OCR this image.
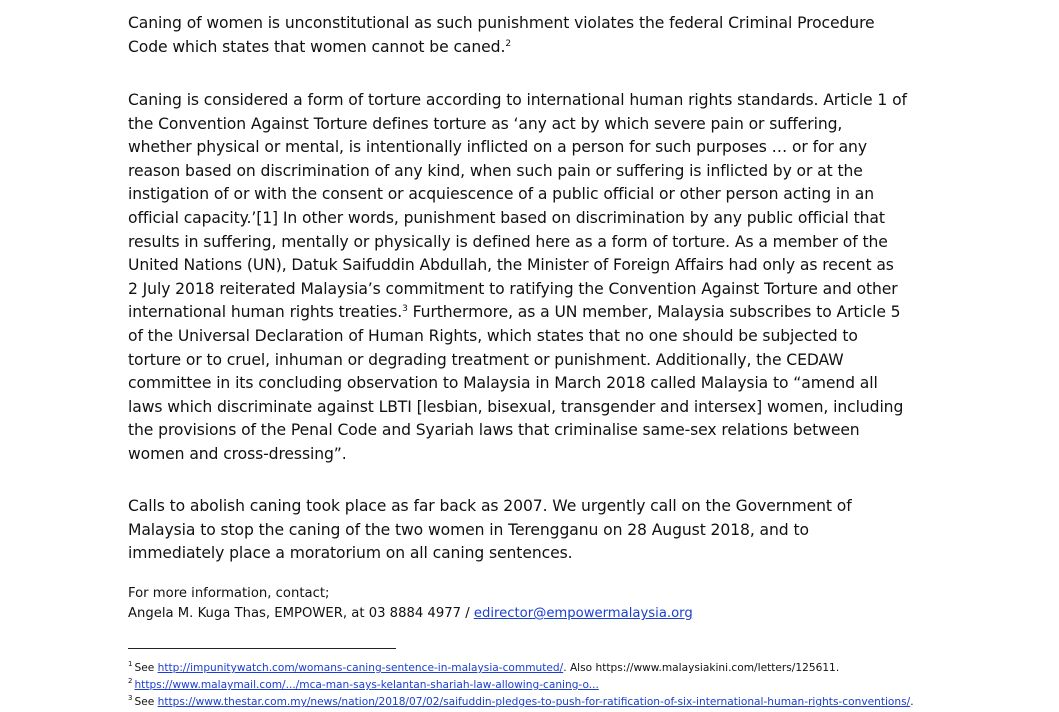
Caning of women is unconstitutional as such punishment violates the federal Criminal Procedure
Code which states that women cannot be caned.$^2$
Caning is considered a form of torture according to international human rights standards. Article 1 of
the Convention Against Torture defines torture as ‘any act by which severe pain or suffering,
whether physical or mental, is intentionally inflicted on a person for such purposes … or for any
reason based on discrimination of any kind, when such pain or suffering is inflicted by or at the
instigation of or with the consent or acquiescence of a public official or other person acting in an
official capacity.’[1] In other words, punishment based on discrimination by any public official that
results in suffering, mentally or physically is defined here as a form of torture. As a member of the
United Nations (UN), Datuk Saifuddin Abdullah, the Minister of Foreign Affairs had only as recent as
2 July 2018 reiterated Malaysia’s commitment to ratifying the Convention Against Torture and other
international human rights treaties.$^3$ Furthermore, as a UN member, Malaysia subscribes to Article 5
of the Universal Declaration of Human Rights, which states that no one should be subjected to
torture or to cruel, inhuman or degrading treatment or punishment. Additionally, the CEDAW
committee in its concluding observation to Malaysia in March 2018 called Malaysia to “amend all
laws which discriminate against LBTI [lesbian, bisexual, transgender and intersex] women, including
the provisions of the Penal Code and Syariah laws that criminalise same-sex relations between
women and cross-dressing”.
Calls to abolish caning took place as far back as 2007. We urgently call on the Government of
Malaysia to stop the caning of the two women in Terengganu on 28 August 2018, and to
immediately place a moratorium on all caning sentences.
For more information, contact;
Angela M. Kuga Thas, EMPOWER, at 03 8884 4977 / edirector@empowermalaysia.org
$^1$ See http://impunitywatch.com/womans-caning-sentence-in-malaysia-commuted/. Also https://www.malaysiakini.com/letters/125611.
$^2$ https://www.malaymail.com/.../mca-man-says-kelantan-shariah-law-allowing-caning-o...
$^3$ See https://www.thestar.com.my/news/nation/2018/07/02/saifuddin-pledges-to-push-for-ratification-of-six-international-human-rights-conventions/.
